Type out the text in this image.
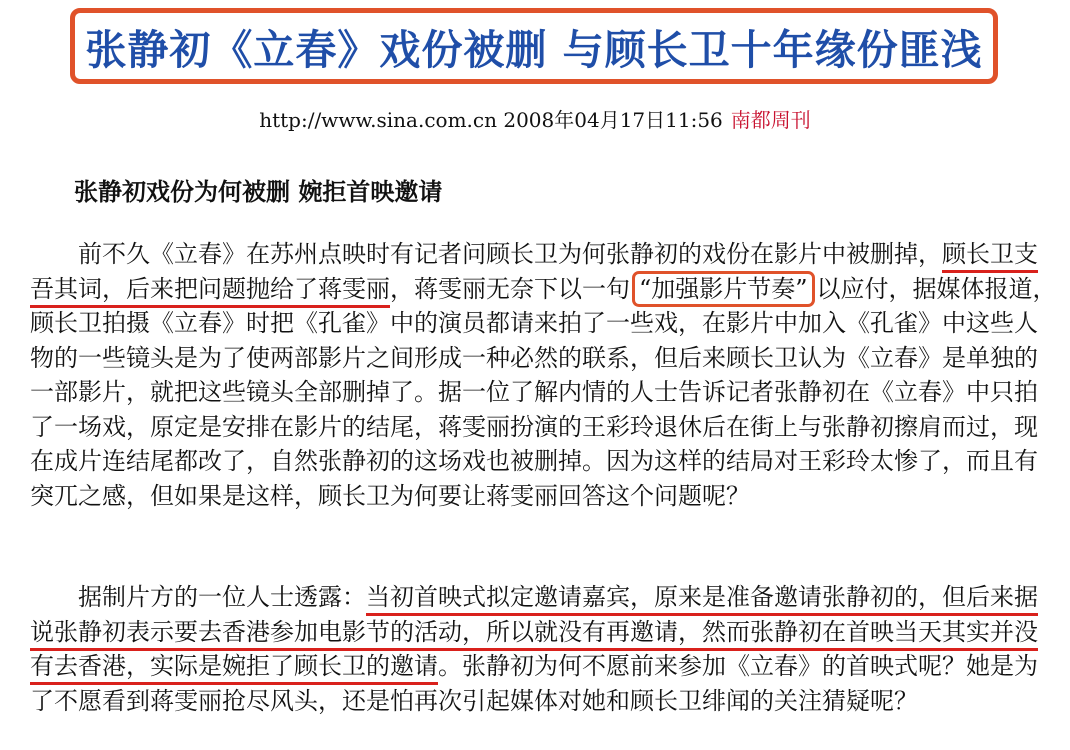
张静初《立春》戏份被删 与顾长卫十年缘份匪浅
http://www.sina.com.cn 2008年04月17日11:56 南都周刊
张静初戏份为何被删 婉拒首映邀请
前不久《立春》在苏州点映时有记者问顾长卫为何张静初的戏份在影片中被删掉，顾长卫支
吾其词，后来把问题抛给了蒋雯丽，蒋雯丽无奈下以一句 “加强影片节奏” 以应付，据媒体报道，
顾长卫拍摄《立春》时把《孔雀》中的演员都请来拍了一些戏，在影片中加入《孔雀》中这些人
物的一些镜头是为了使两部影片之间形成一种必然的联系，但后来顾长卫认为《立春》是单独的
一部影片，就把这些镜头全部删掉了。据一位了解内情的人士告诉记者张静初在《立春》中只拍
了一场戏，原定是安排在影片的结尾，蒋雯丽扮演的王彩玲退休后在街上与张静初擦肩而过，现
在成片连结尾都改了，自然张静初的这场戏也被删掉。因为这样的结局对王彩玲太惨了，而且有
突兀之感，但如果是这样，顾长卫为何要让蒋雯丽回答这个问题呢？
据制片方的一位人士透露：当初首映式拟定邀请嘉宾，原来是准备邀请张静初的，但后来据
说张静初表示要去香港参加电影节的活动，所以就没有再邀请，然而张静初在首映当天其实并没
有去香港，实际是婉拒了顾长卫的邀请。张静初为何不愿前来参加《立春》的首映式呢？她是为
了不愿看到蒋雯丽抢尽风头，还是怕再次引起媒体对她和顾长卫绯闻的关注猜疑呢？
